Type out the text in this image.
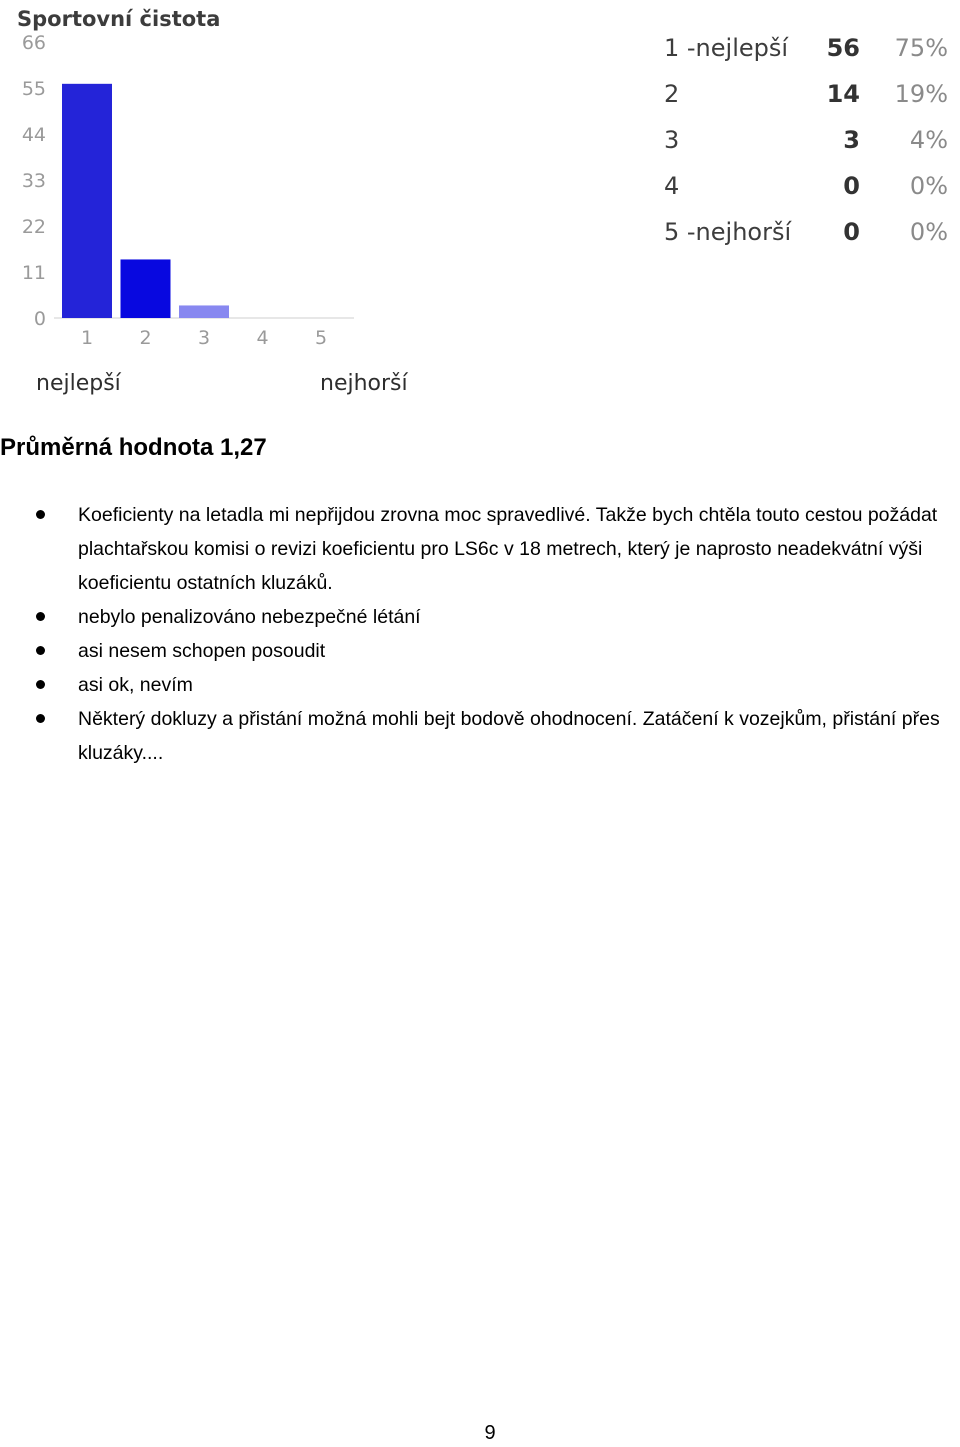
Sportovní čistota
0
11
22
33
44
55
66
1 2 3 4 5
nejlepší	nejhorší
1 -nejlepší	56	75%
2	14	19%
3	3	4%
4	0	0%
5 -nejhorší	0	0%
Průměrná hodnota 1,27
Koeficienty na letadla mi nepřijdou zrovna moc spravedlivé. Takže bych chtěla touto cestou požádat plachtařskou komisi o revizi koeficientu pro LS6c v 18 metrech, který je naprosto neadekvátní výši koeficientu ostatních kluzáků.
nebylo penalizováno nebezpečné létání
asi nesem schopen posoudit
asi ok, nevím
Některý dokluzy a přistání možná mohli bejt bodově ohodnocení. Zatáčení k vozejkům, přistání přes kluzáky....
9
